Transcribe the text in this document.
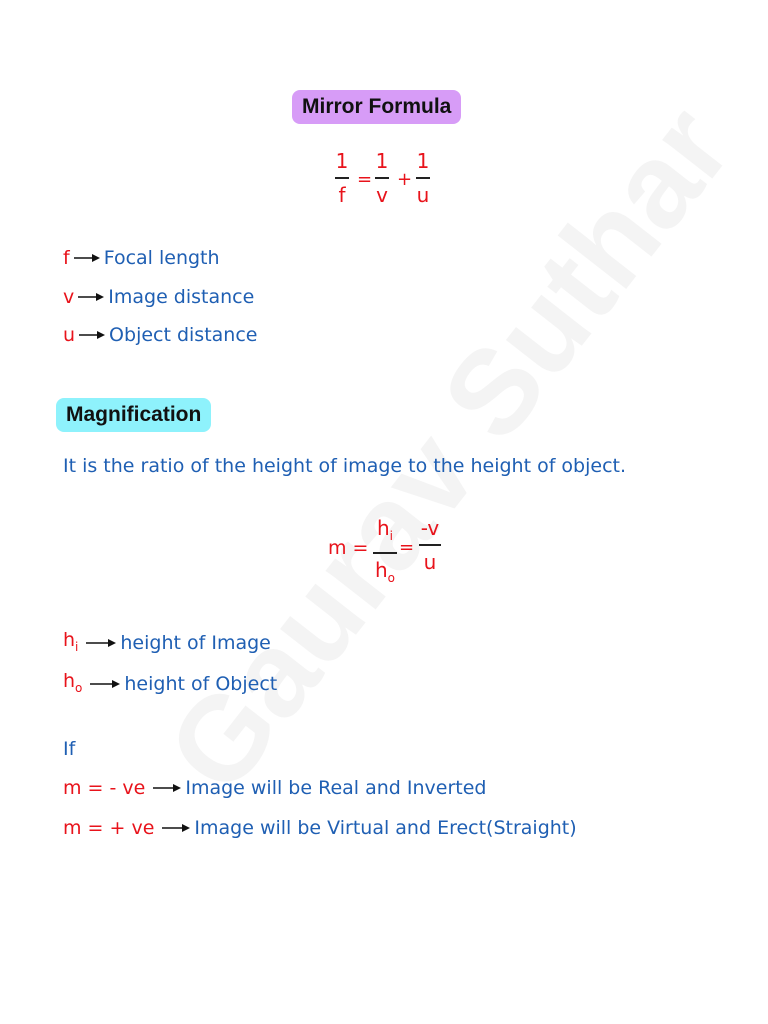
Mirror Formula
1
f
=
1
v
+
1
u
f Focal length
v Image distance
u Object distance
Magnification
It is the ratio of the height of image to the height of object.
m =
$h_i$
$h_o$
=
-v
u
$h_i$ height of Image
$h_o$ height of Object
If
m = - ve Image will be Real and Inverted
m = + ve Image will be Virtual and Erect(Straight)
